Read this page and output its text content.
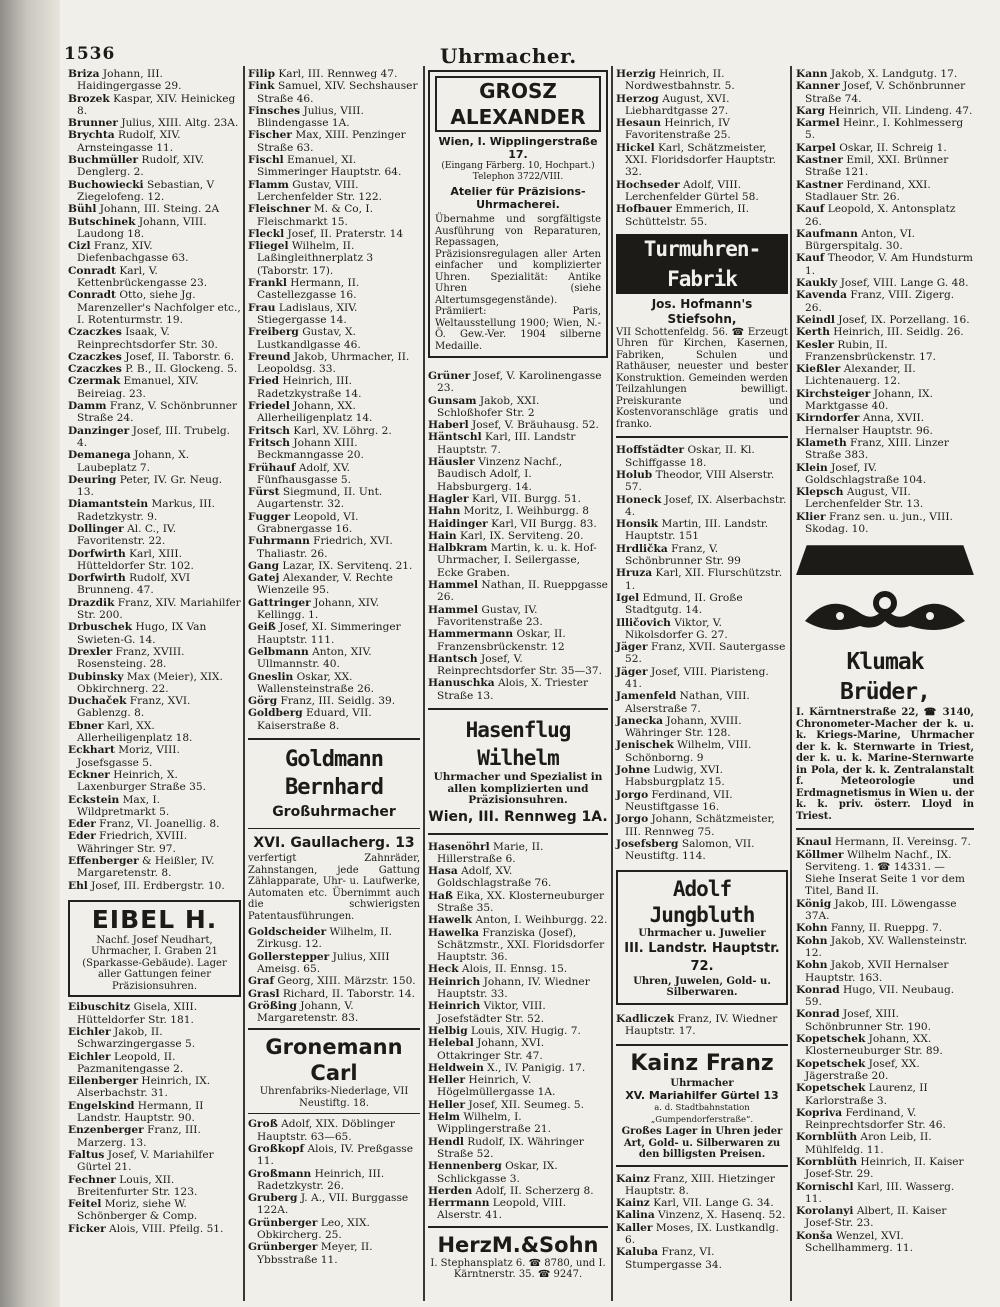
1536	Uhrmacher.
Briza Johann, III. Haidingergasse 29.
Brozek Kaspar, XIV. Heinickeg 8.
Brunner Julius, XIII. Altg. 23A.
Brychta Rudolf, XIV. Arnsteingasse 11.
Buchmüller Rudolf, XIV. Denglerg. 2.
Buchowiecki Sebastian, V Ziegelofeng. 12.
Bühl Johann, III. Steing. 2A
Butschinek Johann, VIII. Laudong 18.
Cizl Franz, XIV. Diefenbachgasse 63.
Conradt Karl, V. Kettenbrückengasse 23.
Conradt Otto, siehe Jg. Marenzeller's Nachfolger etc., I. Rotenturmstr. 19.
Czaczkes Isaak, V. Reinprechtsdorfer Str. 30.
Czaczkes Josef, II. Taborstr. 6.
Czaczkes P. B., II. Glockeng. 5.
Czermak Emanuel, XIV. Beireiag. 23.
Damm Franz, V. Schönbrunner Straße 24.
Danzinger Josef, III. Trubelg. 4.
Demanega Johann, X. Laubeplatz 7.
Deuring Peter, IV. Gr. Neug. 13.
Diamantstein Markus, III. Radetzkystr. 9.
Dollinger Al. C., IV. Favoritenstr. 22.
Dorfwirth Karl, XIII. Hütteldorfer Str. 102.
Dorfwirth Rudolf, XVI Brunneng. 47.
Drazdik Franz, XIV. Mariahilfer Str. 200.
Drbuschek Hugo, IX Van Swieten-G. 14.
Drexler Franz, XVIII. Rosensteing. 28.
Dubinsky Max (Meier), XIX. Obkirchnerg. 22.
Duchaček Franz, XVI. Gablenzg. 8.
Ebner Karl, XX. Allerheiligenplatz 18.
Eckhart Moriz, VIII. Josefsgasse 5.
Eckner Heinrich, X. Laxenburger Straße 35.
Eckstein Max, I. Wildpretmarkt 5.
Eder Franz, VI. Joanellig. 8.
Eder Friedrich, XVIII. Währinger Str. 97.
Effenberger & Heißler, IV. Margaretenstr. 8.
Ehl Josef, III. Erdbergstr. 10.
EIBEL H.
Nachf. Josef Neudhart, Uhrmacher, I. Graben 21 (Sparkasse-Gebäude). Lager aller Gattungen feiner Präzisionsuhren.
Eibuschitz Gisela, XIII. Hütteldorfer Str. 181.
Eichler Jakob, II. Schwarzingergasse 5.
Eichler Leopold, II. Pazmanitengasse 2.
Eilenberger Heinrich, IX. Alserbachstr. 31.
Engelskind Hermann, II Landstr. Hauptstr. 90.
Enzenberger Franz, III. Marzerg. 13.
Faltus Josef, V. Mariahilfer Gürtel 21.
Fechner Louis, XII. Breitenfurter Str. 123.
Feitel Moriz, siehe W. Schönberger & Comp.
Ficker Alois, VIII. Pfeilg. 51.
Filip Karl, III. Rennweg 47.
Fink Samuel, XIV. Sechshauser Straße 46.
Finsches Julius, VIII. Blindengasse 1A.
Fischer Max, XIII. Penzinger Straße 63.
Fischl Emanuel, XI. Simmeringer Hauptstr. 64.
Flamm Gustav, VIII. Lerchenfelder Str. 122.
Fleischner M. & Co, I. Fleischmarkt 15.
Fleckl Josef, II. Praterstr. 14
Fliegel Wilhelm, II. Laßingleithnerplatz 3 (Taborstr. 17).
Frankl Hermann, II. Castellezgasse 16.
Frau Ladislaus, XIV. Stiegergasse 14.
Freiberg Gustav, X. Lustkandlgasse 46.
Freund Jakob, Uhrmacher, II. Leopoldsg. 33.
Fried Heinrich, III. Radetzkystraße 14.
Friedel Johann, XX. Allerheiligenplatz 14.
Fritsch Karl, XV. Löhrg. 2.
Fritsch Johann XIII. Beckmanngasse 20.
Frühauf Adolf, XV. Fünfhausgasse 5.
Fürst Siegmund, II. Unt. Augartenstr. 32.
Fugger Leopold, VI. Grabnergasse 16.
Fuhrmann Friedrich, XVI. Thaliastr. 26.
Gang Lazar, IX. Servitenq. 21.
Gatej Alexander, V. Rechte Wienzeile 95.
Gattringer Johann, XIV. Kellingg. 1.
Geiß Josef, XI. Simmeringer Hauptstr. 111.
Gelbmann Anton, XIV. Ullmannstr. 40.
Gneslin Oskar, XX. Wallensteinstraße 26.
Görg Franz, III. Seidlg. 39.
Goldberg Eduard, VII. Kaiserstraße 8.
Goldmann Bernhard
Großuhrmacher
XVI. Gaullacherg. 13
verfertigt Zahnräder, Zahnstangen, jede Gattung Zählapparate, Uhr- u. Laufwerke, Automaten etc. Übernimmt auch die schwierigsten Patentausführungen.
Goldscheider Wilhelm, II. Zirkusg. 12.
Gollerstepper Julius, XIII Ameisg. 65.
Graf Georg, XIII. Märzstr. 150.
Grasl Richard, II. Taborstr. 14.
Größing Johann, V. Margaretenstr. 83.
Gronemann Carl
Uhrenfabriks-Niederlage, VII Neustiftg. 18.
Groß Adolf, XIX. Döblinger Hauptstr. 63—65.
Großkopf Alois, IV. Preßgasse 11.
Großmann Heinrich, III. Radetzkystr. 26.
Gruberg J. A., VII. Burggasse 122A.
Grünberger Leo, XIX. Obkircherg. 25.
Grünberger Meyer, II. Ybbsstraße 11.
GROSZ ALEXANDER
Wien, I. Wipplingerstraße 17.
(Eingang Färberg. 10, Hochpart.) Telephon 3722/VIII.
Atelier für Präzisions-Uhrmacherei.
Übernahme und sorgfältigste Ausführung von Reparaturen, Repassagen, Präzisionsregulagen aller Arten einfacher und komplizierter Uhren. Spezialität: Antike Uhren (siehe Altertumsgegenstände). Prämiiert: Paris, Weltausstellung 1900; Wien, N.-Ö. Gew.-Ver. 1904 silberne Medaille.
Grüner Josef, V. Karolinengasse 23.
Gunsam Jakob, XXI. Schloßhofer Str. 2
Haberl Josef, V. Bräuhausg. 52.
Häntschl Karl, III. Landstr Hauptstr. 7.
Häusler Vinzenz Nachf., Baudisch Adolf, I. Habsburgerg. 14.
Hagler Karl, VII. Burgg. 51.
Hahn Moritz, I. Weihburgg. 8
Haidinger Karl, VII Burgg. 83.
Hain Karl, IX. Serviteng. 20.
Halbkram Martin, k. u. k. Hof-Uhrmacher, I. Seilergasse, Ecke Graben.
Hammel Nathan, II. Rueppgasse 26.
Hammel Gustav, IV. Favoritenstraße 23.
Hammermann Oskar, II. Franzensbrückenstr. 12
Hantsch Josef, V. Reinprechtsdorfer Str. 35—37.
Hanuschka Alois, X. Triester Straße 13.
Hasenflug Wilhelm
Uhrmacher und Spezialist in allen komplizierten und Präzisionsuhren.
Wien, III. Rennweg 1A.
Hasenöhrl Marie, II. Hillerstraße 6.
Hasa Adolf, XV. Goldschlagstraße 76.
Haß Eika, XX. Klosterneuburger Straße 35.
Hawelk Anton, I. Weihburgg. 22.
Hawelka Franziska (Josef), Schätzmstr., XXI. Floridsdorfer Hauptstr. 36.
Heck Alois, II. Ennsg. 15.
Heinrich Johann, IV. Wiedner Hauptstr. 33.
Heinrich Viktor, VIII. Josefstädter Str. 52.
Helbig Louis, XIV. Hugig. 7.
Helebal Johann, XVI. Ottakringer Str. 47.
Heldwein X., IV. Panigig. 17.
Heller Heinrich, V. Högelmüllergasse 1A.
Heller Josef, XII. Seumeg. 5.
Helm Wilhelm, I. Wipplingerstraße 21.
Hendl Rudolf, IX. Währinger Straße 52.
Hennenberg Oskar, IX. Schlickgasse 3.
Herden Adolf, II. Scherzerg 8.
Herrmann Leopold, VIII. Alserstr. 41.
HerzM.&Sohn
I. Stephansplatz 6. ☎ 8780, und I. Kärntnerstr. 35. ☎ 9247.
Herzig Heinrich, II. Nordwestbahnstr. 5.
Herzog August, XVI. Liebhardtgasse 27.
Hesaun Heinrich, IV Favoritenstraße 25.
Hickel Karl, Schätzmeister, XXI. Floridsdorfer Hauptstr. 32.
Hochseder Adolf, VIII. Lerchenfelder Gürtel 58.
Hofbauer Emmerich, II. Schüttelstr. 55.
Turmuhren-Fabrik
Jos. Hofmann's Stiefsohn,
VII Schottenfeldg. 56. ☎ Erzeugt Uhren für Kirchen, Kasernen, Fabriken, Schulen und Rathäuser, neuester und bester Konstruktion. Gemeinden werden Teilzahlungen bewilligt. Preiskurante und Kostenvoranschläge gratis und franko.
Hoffstädter Oskar, II. Kl. Schiffgasse 18.
Holub Theodor, VIII Alserstr. 57.
Honeck Josef, IX. Alserbachstr. 4.
Honsik Martin, III. Landstr. Hauptstr. 151
Hrdlička Franz, V. Schönbrunner Str. 99
Hruza Karl, XII. Flurschützstr. 1.
Igel Edmund, II. Große Stadtgutg. 14.
Illičovich Viktor, V. Nikolsdorfer G. 27.
Jäger Franz, XVII. Sautergasse 52.
Jäger Josef, VIII. Piaristeng. 41.
Jamenfeld Nathan, VIII. Alserstraße 7.
Janecka Johann, XVIII. Währinger Str. 128.
Jenischek Wilhelm, VIII. Schönborng. 9
Johne Ludwig, XVI. Habsburgplatz 15.
Jorgo Ferdinand, VII. Neustiftgasse 16.
Jorgo Johann, Schätzmeister, III. Rennweg 75.
Josefsberg Salomon, VII. Neustiftg. 114.
Adolf Jungbluth
Uhrmacher u. Juwelier
III. Landstr. Hauptstr. 72.
Uhren, Juwelen, Gold- u. Silberwaren.
Kadliczek Franz, IV. Wiedner Hauptstr. 17.
Kainz Franz
Uhrmacher
XV. Mariahilfer Gürtel 13
a. d. Stadtbahnstation „Gumpendorferstraße“.
Großes Lager in Uhren jeder Art, Gold- u. Silberwaren zu den billigsten Preisen.
Kainz Franz, XIII. Hietzinger Hauptstr. 8.
Kainz Karl, VII. Lange G. 34.
Kalina Vinzenz, X. Hasenq. 52.
Kaller Moses, IX. Lustkandlg. 6.
Kaluba Franz, VI. Stumpergasse 34.
Kann Jakob, X. Landgutg. 17.
Kanner Josef, V. Schönbrunner Straße 74.
Karg Heinrich, VII. Lindeng. 47.
Karmel Heinr., I. Kohlmesserg 5.
Karpel Oskar, II. Schreig 1.
Kastner Emil, XXI. Brünner Straße 121.
Kastner Ferdinand, XXI. Stadlauer Str. 26.
Kauf Leopold, X. Antonsplatz 26.
Kaufmann Anton, VI. Bürgerspitalg. 30.
Kauf Theodor, V. Am Hundsturm 1.
Kaukly Josef, VIII. Lange G. 48.
Kavenda Franz, VIII. Zigerg. 26.
Keindl Josef, IX. Porzellang. 16.
Kerth Heinrich, III. Seidlg. 26.
Kesler Rubin, II. Franzensbrückenstr. 17.
Kießler Alexander, II. Lichtenauerg. 12.
Kirchsteiger Johann, IX. Marktgasse 40.
Kirndorfer Anna, XVII. Hernalser Hauptstr. 96.
Klameth Franz, XIII. Linzer Straße 383.
Klein Josef, IV. Goldschlagstraße 104.
Klepsch August, VII. Lerchenfelder Str. 13.
Klier Franz sen. u. jun., VIII. Skodag. 10.
Klumak Brüder,
I. Kärntnerstraße 22, ☎ 3140, Chronometer-Macher der k. u. k. Kriegs-Marine, Uhrmacher der k. k. Sternwarte in Triest, der k. u. k. Marine-Sternwarte in Pola, der k. k. Zentralanstalt f. Meteorologie und Erdmagnetismus in Wien u. der k. k. priv. österr. Lloyd in Triest.
Knaul Hermann, II. Vereinsg. 7.
Köllmer Wilhelm Nachf., IX. Serviteng. 1. ☎ 14331. — Siehe Inserat Seite 1 vor dem Titel, Band II.
König Jakob, III. Löwengasse 37A.
Kohn Fanny, II. Rueppg. 7.
Kohn Jakob, XV. Wallensteinstr. 12.
Kohn Jakob, XVII Hernalser Hauptstr. 163.
Konrad Hugo, VII. Neubaug. 59.
Konrad Josef, XIII. Schönbrunner Str. 190.
Kopetschek Johann, XX. Klosterneuburger Str. 89.
Kopetschek Josef, XX. Jägerstraße 20.
Kopetschek Laurenz, II Karlorstraße 3.
Kopriva Ferdinand, V. Reinprechtsdorfer Str. 46.
Kornblüth Aron Leib, II. Mühlfeldg. 11.
Kornblüth Heinrich, II. Kaiser Josef-Str. 29.
Kornischl Karl, III. Wasserg. 11.
Korolanyi Albert, II. Kaiser Josef-Str. 23.
Konša Wenzel, XVI. Schellhammerg. 11.
